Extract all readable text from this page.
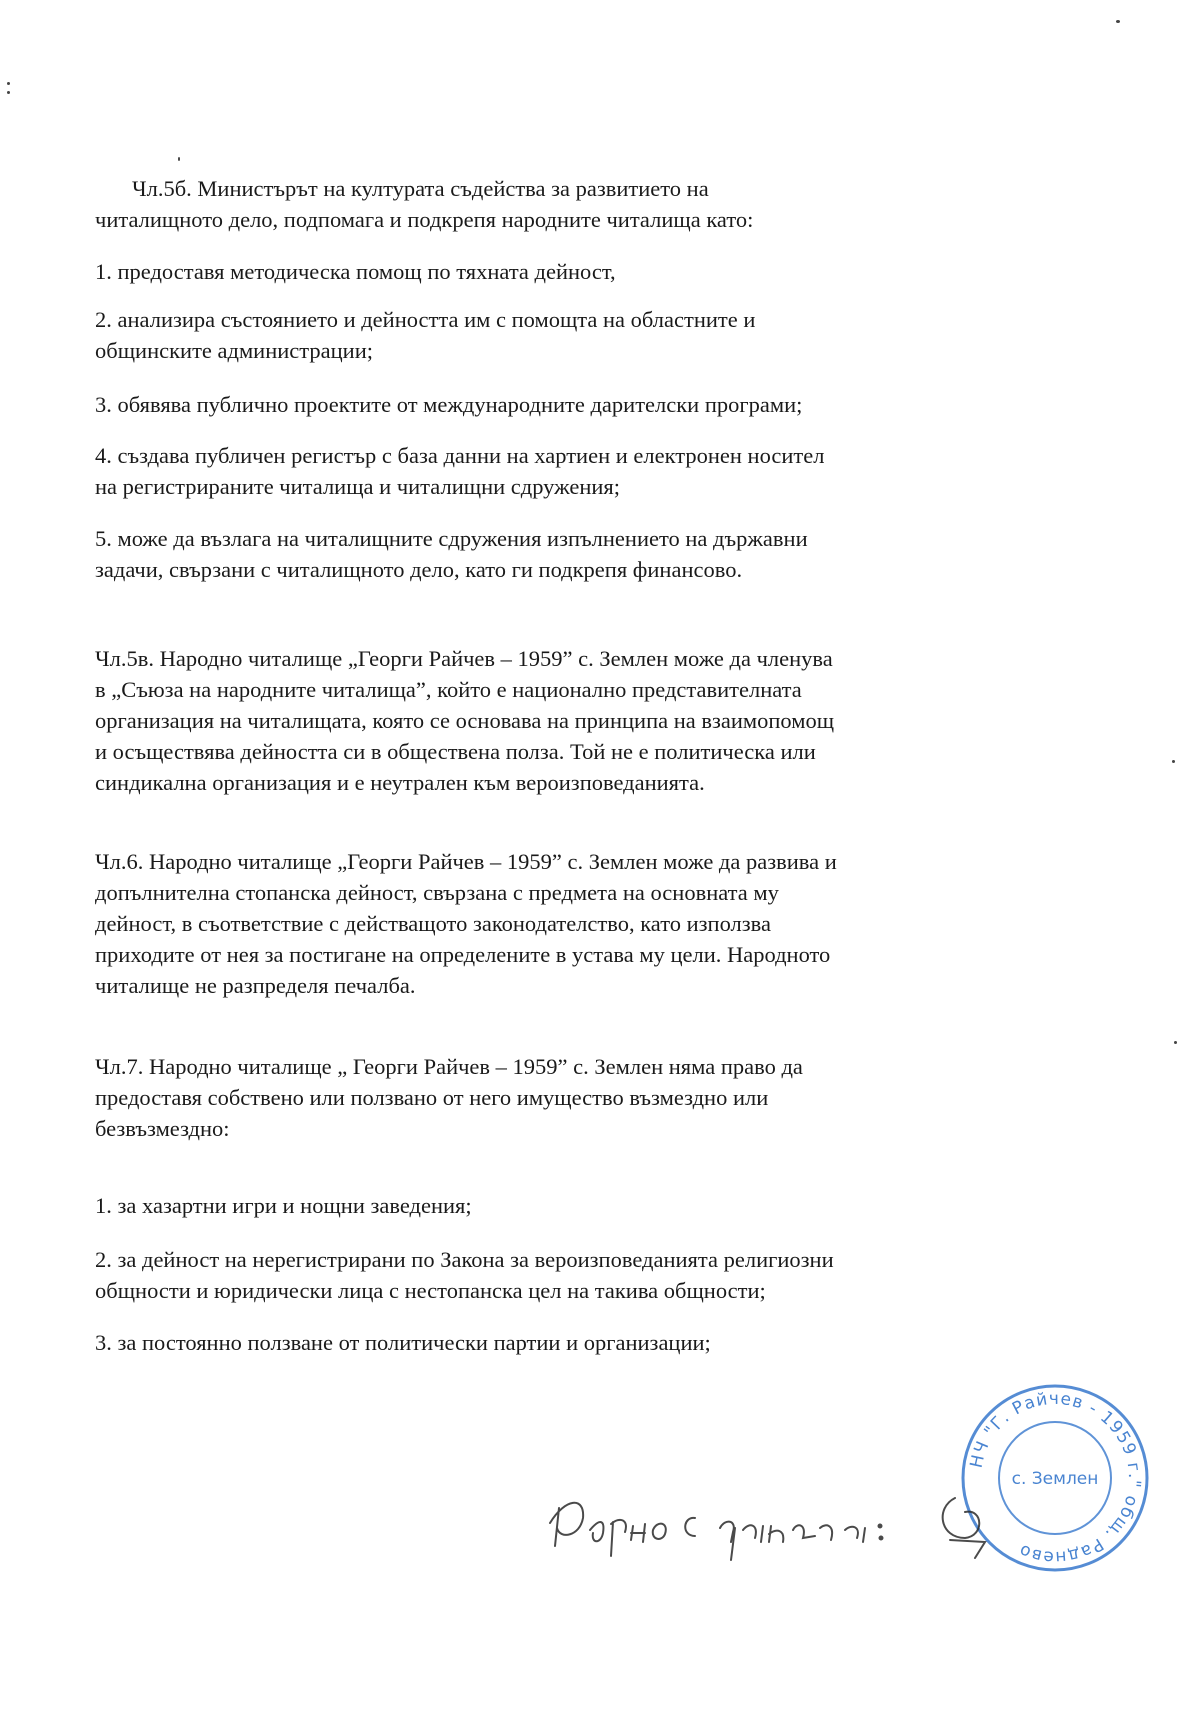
Чл.5б. Министърът на културата съдейства за развитието на
читалищното дело, подпомага и подкрепя народните читалища като:
1. предоставя методическа помощ по тяхната дейност,
2. анализира състоянието и дейността им с помощта на областните и
общинските администрации;
3. обявява публично проектите от международните дарителски програми;
4. създава публичен регистър с база данни на хартиен и електронен носител
на регистрираните читалища и читалищни сдружения;
5. може да възлага на читалищните сдружения изпълнението на държавни
задачи, свързани с читалищното дело, като ги подкрепя финансово.
Чл.5в. Народно читалище „Георги Райчев – 1959” с. Землен може да членува
в „Съюза на народните читалища”, който е национално представителната
организация на читалищата, която се основава на принципа на взаимопомощ
и осъществява дейността си в обществена полза. Той не е политическа или
синдикална организация и е неутрален към вероизповеданията.
Чл.6. Народно читалище „Георги Райчев – 1959” с. Землен може да развива и
допълнителна стопанска дейност, свързана с предмета на основната му
дейност, в съответствие с действащото законодателство, като използва
приходите от нея за постигане на определените в устава му цели. Народното
читалище не разпределя печалба.
Чл.7. Народно читалище „ Георги Райчев – 1959” с. Землен няма право да
предоставя собствено или ползвано от него имущество възмездно или
безвъзмездно:
1. за хазартни игри и нощни заведения;
2. за дейност на нерегистрирани по Закона за вероизповеданията религиозни
общности и юридически лица с нестопанска цел на такива общности;
3. за постоянно ползване от политически партии и организации;
НЧ "Г. Райчев - 1959 г." общ. Раднево
с. Землен
